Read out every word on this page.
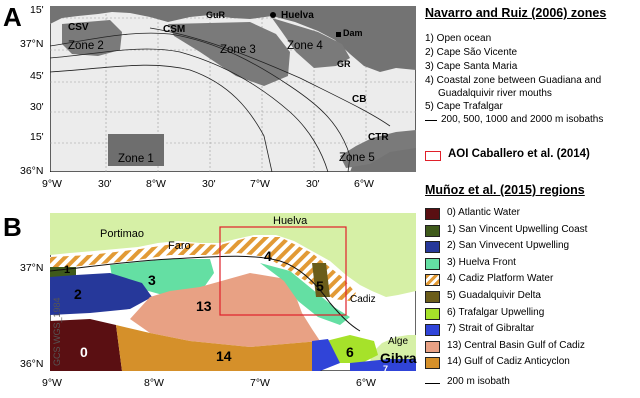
A	GuR	Huelva
Dam
CSV	CSM
GR
CB
CTR
Zone 2	Zone 3	Zone 4
Zone 1	Zone 5
15'
37°N
45'
30'
15'
36°N
9°W	30'	8°W	30'	7°W	30'	6°W
Navarro and Ruiz (2006) zones
1) Open ocean
2) Cape São Vicente
3) Cape Santa Maria
4) Coastal zone between Guadiana and
Guadalquivir river mouths
5) Cape Trafalgar
200, 500, 1000 and 2000 m isobaths
AOI Caballero et al. (2014)
B	Portimao
Faro
Huelva
Cadiz
Alge
Gibra
4
3
1
2
13
5
0	14	6
7
GCS WGS_1984
37°N
36°N
9°W	8°W	7°W	6°W
Muñoz et al. (2015) regions
0) Atlantic Water
1) San Vincent Upwelling Coast
2) San Vinvecent Upwelling
3) Huelva Front
4) Cadiz Platform Water
5) Guadalquivir Delta
6) Trafalgar Upwelling
7) Strait of Gibraltar
13) Central Basin Gulf of Cadiz
14) Gulf of Cadiz Anticyclon
200 m isobath
